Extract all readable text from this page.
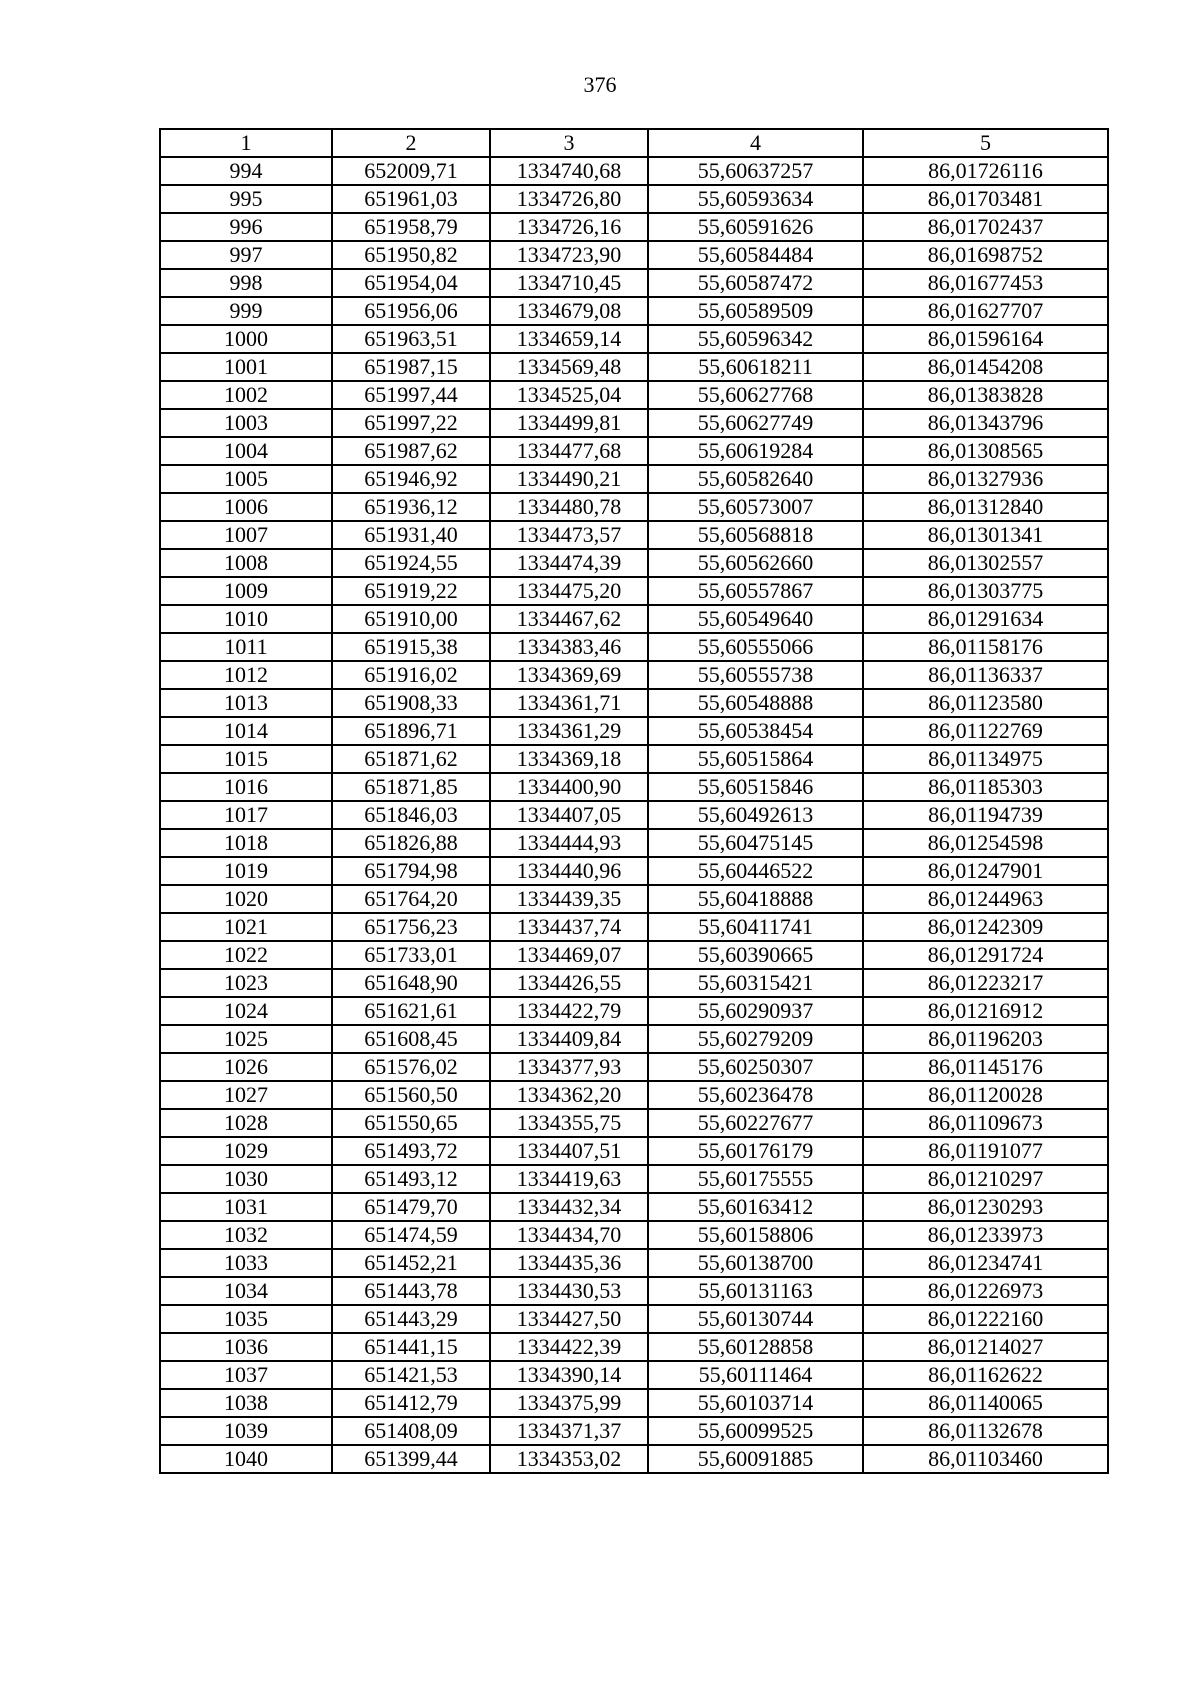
376
1	2	3	4	5
994	652009,71	1334740,68	55,60637257	86,01726116
995	651961,03	1334726,80	55,60593634	86,01703481
996	651958,79	1334726,16	55,60591626	86,01702437
997	651950,82	1334723,90	55,60584484	86,01698752
998	651954,04	1334710,45	55,60587472	86,01677453
999	651956,06	1334679,08	55,60589509	86,01627707
1000	651963,51	1334659,14	55,60596342	86,01596164
1001	651987,15	1334569,48	55,60618211	86,01454208
1002	651997,44	1334525,04	55,60627768	86,01383828
1003	651997,22	1334499,81	55,60627749	86,01343796
1004	651987,62	1334477,68	55,60619284	86,01308565
1005	651946,92	1334490,21	55,60582640	86,01327936
1006	651936,12	1334480,78	55,60573007	86,01312840
1007	651931,40	1334473,57	55,60568818	86,01301341
1008	651924,55	1334474,39	55,60562660	86,01302557
1009	651919,22	1334475,20	55,60557867	86,01303775
1010	651910,00	1334467,62	55,60549640	86,01291634
1011	651915,38	1334383,46	55,60555066	86,01158176
1012	651916,02	1334369,69	55,60555738	86,01136337
1013	651908,33	1334361,71	55,60548888	86,01123580
1014	651896,71	1334361,29	55,60538454	86,01122769
1015	651871,62	1334369,18	55,60515864	86,01134975
1016	651871,85	1334400,90	55,60515846	86,01185303
1017	651846,03	1334407,05	55,60492613	86,01194739
1018	651826,88	1334444,93	55,60475145	86,01254598
1019	651794,98	1334440,96	55,60446522	86,01247901
1020	651764,20	1334439,35	55,60418888	86,01244963
1021	651756,23	1334437,74	55,60411741	86,01242309
1022	651733,01	1334469,07	55,60390665	86,01291724
1023	651648,90	1334426,55	55,60315421	86,01223217
1024	651621,61	1334422,79	55,60290937	86,01216912
1025	651608,45	1334409,84	55,60279209	86,01196203
1026	651576,02	1334377,93	55,60250307	86,01145176
1027	651560,50	1334362,20	55,60236478	86,01120028
1028	651550,65	1334355,75	55,60227677	86,01109673
1029	651493,72	1334407,51	55,60176179	86,01191077
1030	651493,12	1334419,63	55,60175555	86,01210297
1031	651479,70	1334432,34	55,60163412	86,01230293
1032	651474,59	1334434,70	55,60158806	86,01233973
1033	651452,21	1334435,36	55,60138700	86,01234741
1034	651443,78	1334430,53	55,60131163	86,01226973
1035	651443,29	1334427,50	55,60130744	86,01222160
1036	651441,15	1334422,39	55,60128858	86,01214027
1037	651421,53	1334390,14	55,60111464	86,01162622
1038	651412,79	1334375,99	55,60103714	86,01140065
1039	651408,09	1334371,37	55,60099525	86,01132678
1040	651399,44	1334353,02	55,60091885	86,01103460
